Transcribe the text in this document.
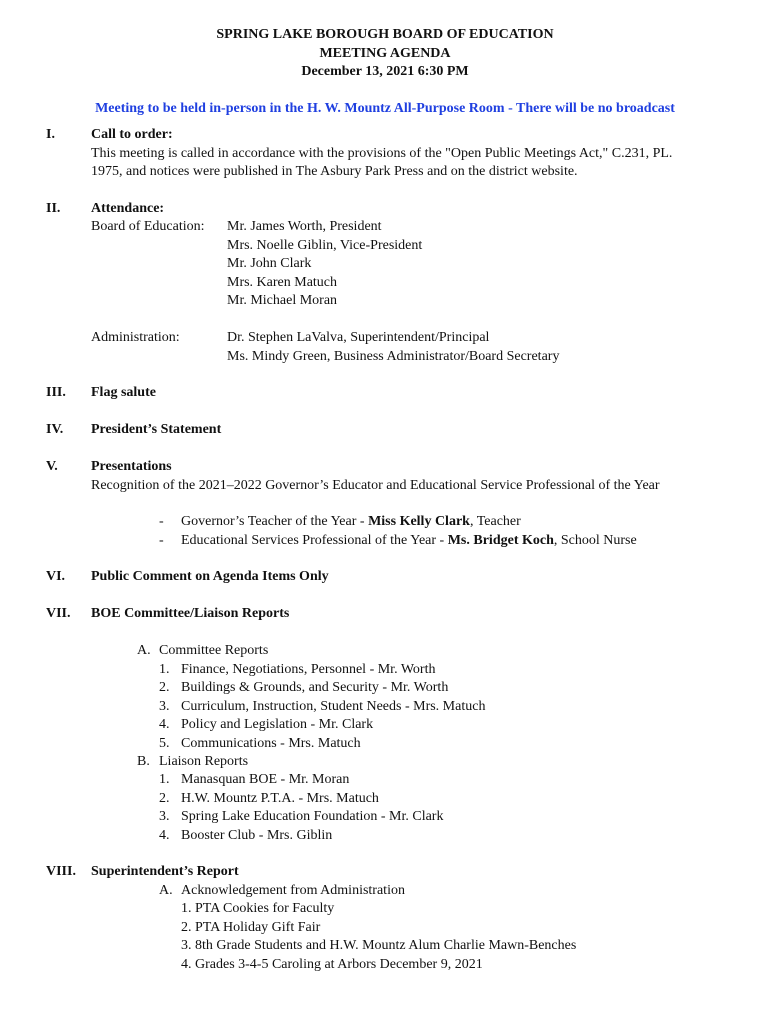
SPRING LAKE BOROUGH BOARD OF EDUCATION
MEETING AGENDA
December 13, 2021 6:30 PM
Meeting to be held in-person in the H. W. Mountz All-Purpose Room - There will be no broadcast
I.	Call to order:
This meeting is called in accordance with the provisions of the "Open Public Meetings Act," C.231, PL.
1975, and notices were published in The Asbury Park Press and on the district website.
II. Attendance:
Board of Education: Mr. James Worth, President
Mrs. Noelle Giblin, Vice-President
Mr. John Clark
Mrs. Karen Matuch
Mr. Michael Moran
Administration:	Dr. Stephen LaValva, Superintendent/Principal
Ms. Mindy Green, Business Administrator/Board Secretary
III. Flag salute
IV. President’s Statement
V. Presentations
Recognition of the 2021–2022 Governor’s Educator and Educational Service Professional of the Year
- Governor’s Teacher of the Year - Miss Kelly Clark, Teacher
- Educational Services Professional of the Year - Ms. Bridget Koch, School Nurse
VI. Public Comment on Agenda Items Only
VII. BOE Committee/Liaison Reports
A. Committee Reports
1. Finance, Negotiations, Personnel - Mr. Worth
2. Buildings & Grounds, and Security - Mr. Worth
3. Curriculum, Instruction, Student Needs - Mrs. Matuch
4. Policy and Legislation - Mr. Clark
5. Communications - Mrs. Matuch
B. Liaison Reports
1. Manasquan BOE - Mr. Moran
2. H.W. Mountz P.T.A. - Mrs. Matuch
3. Spring Lake Education Foundation - Mr. Clark
4. Booster Club - Mrs. Giblin
VIII. Superintendent’s Report
A. Acknowledgement from Administration
1. PTA Cookies for Faculty
2. PTA Holiday Gift Fair
3. 8th Grade Students and H.W. Mountz Alum Charlie Mawn-Benches
4. Grades 3-4-5 Caroling at Arbors December 9, 2021
